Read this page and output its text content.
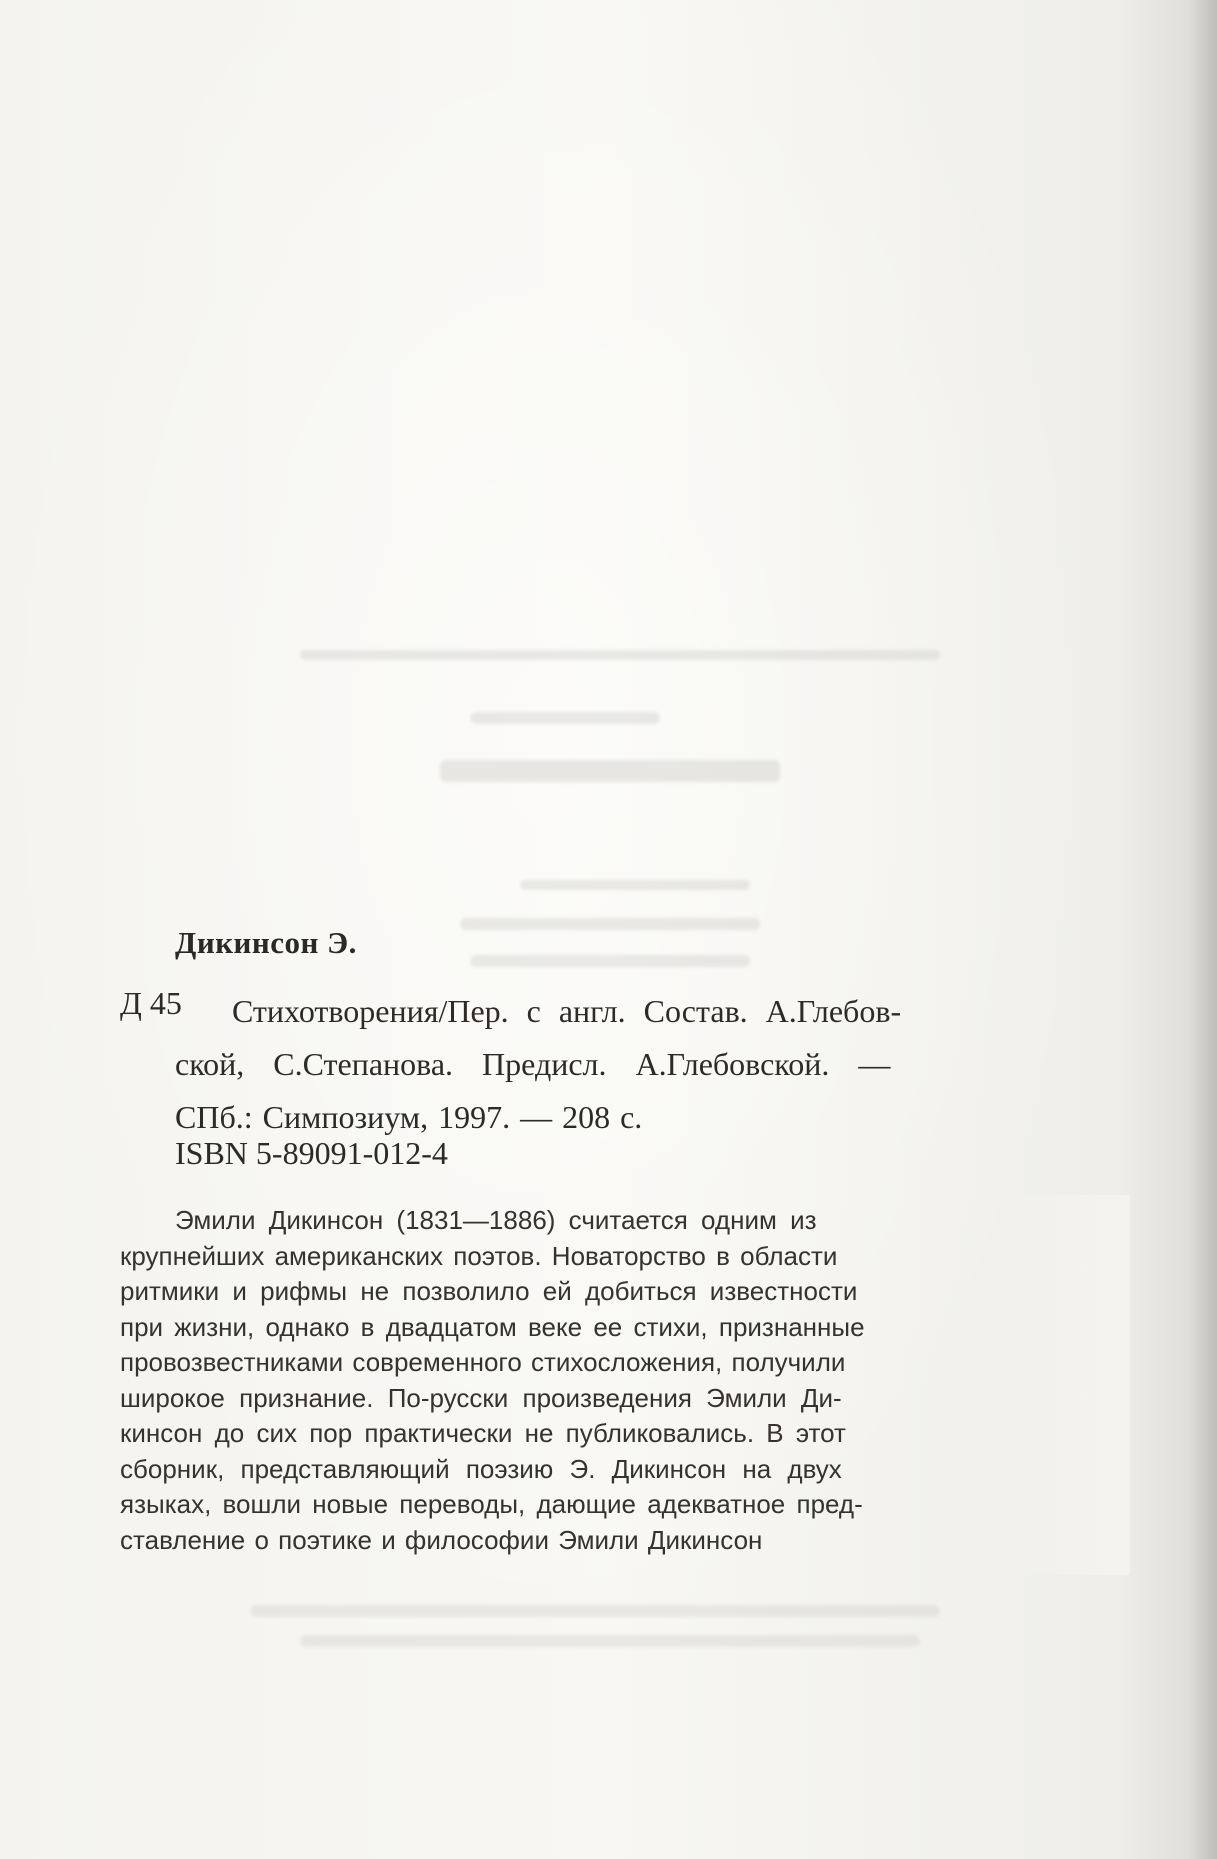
Дикинсон Э.
Д 45	Стихотворения/Пер. с англ. Состав. А.Глебов-
ской, С.Степанова. Предисл. А.Глебовской. —
СПб.: Симпозиум, 1997. — 208 с.
ISBN 5-89091-012-4
Эмили Дикинсон (1831—1886) считается одним из
крупнейших американских поэтов. Новаторство в области
ритмики и рифмы не позволило ей добиться известности
при жизни, однако в двадцатом веке ее стихи, признанные
провозвестниками современного стихосложения, получили
широкое признание. По-русски произведения Эмили Ди-
кинсон до сих пор практически не публиковались. В этот
сборник, представляющий поэзию Э. Дикинсон на двух
языках, вошли новые переводы, дающие адекватное пред-
ставление о поэтике и философии Эмили Дикинсон
